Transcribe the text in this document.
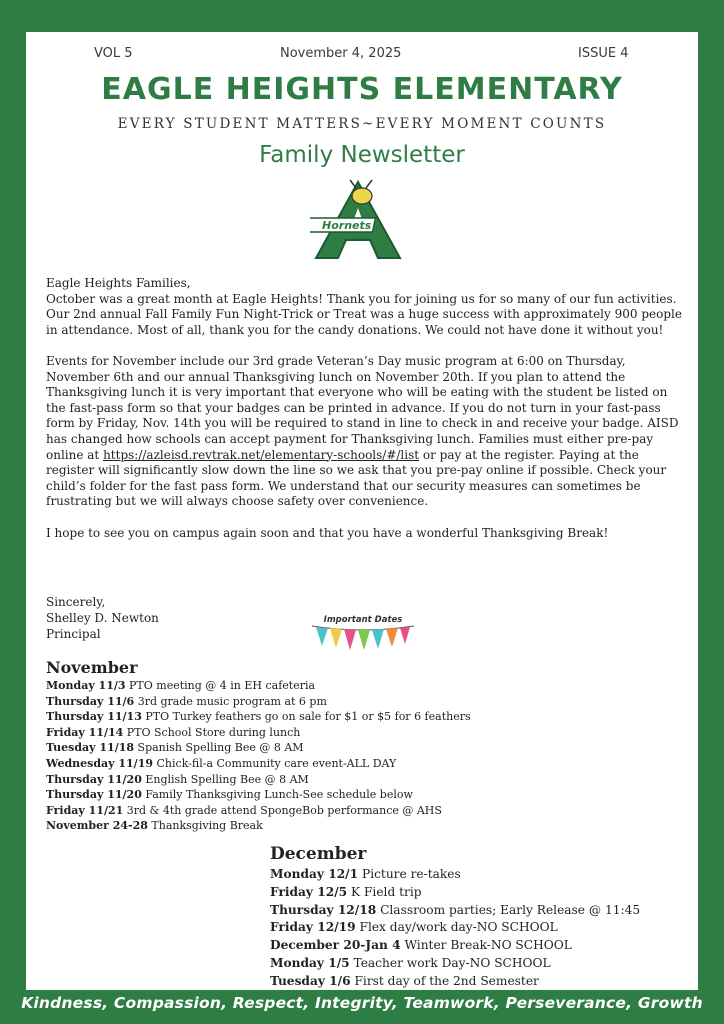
VOL 5	November 4, 2025	ISSUE 4
EAGLE HEIGHTS ELEMENTARY
EVERY STUDENT MATTERS~EVERY MOMENT COUNTS
Family Newsletter
Hornets
Eagle Heights Families,

October was a great month at Eagle Heights! Thank you for joining us for so many of our fun activities. Our 2nd annual Fall Family Fun Night-Trick or Treat was a huge success with approximately 900 people in attendance. Most of all, thank you for the candy donations. We could not have done it without you!

Events for November include our 3rd grade Veteran’s Day music program at 6:00 on Thursday, November 6th and our annual Thanksgiving lunch on November 20th. If you plan to attend the Thanksgiving lunch it is very important that everyone who will be eating with the student be listed on the fast-pass form so that your badges can be printed in advance. If you do not turn in your fast-pass form by Friday, Nov. 14th you will be required to stand in line to check in and receive your badge. AISD has changed how schools can accept payment for Thanksgiving lunch. Families must either pre-pay online at https://azleisd.revtrak.net/elementary-schools/#/list or pay at the register. Paying at the register will significantly slow down the line so we ask that you pre-pay online if possible. Check your child’s folder for the fast pass form. We understand that our security measures can sometimes be frustrating but we will always choose safety over convenience.

I hope to see you on campus again soon and that you have a wonderful Thanksgiving Break!

Sincerely,
Shelley D. Newton
Principal
Important Dates
November
Monday 11/3 PTO meeting @ 4 in EH cafeteria
Thursday 11/6 3rd grade music program at 6 pm
Thursday 11/13 PTO Turkey feathers go on sale for $1 or $5 for 6 feathers
Friday 11/14 PTO School Store during lunch
Tuesday 11/18 Spanish Spelling Bee @ 8 AM
Wednesday 11/19 Chick-fil-a Community care event-ALL DAY
Thursday 11/20 English Spelling Bee @ 8 AM
Thursday 11/20 Family Thanksgiving Lunch-See schedule below
Friday 11/21 3rd & 4th grade attend SpongeBob performance @ AHS
November 24-28 Thanksgiving Break
December
Monday 12/1 Picture re-takes
Friday 12/5 K Field trip
Thursday 12/18 Classroom parties; Early Release @ 11:45
Friday 12/19 Flex day/work day-NO SCHOOL
December 20-Jan 4 Winter Break-NO SCHOOL
Monday 1/5 Teacher work Day-NO SCHOOL
Tuesday 1/6 First day of the 2nd Semester
Kindness, Compassion, Respect, Integrity, Teamwork, Perseverance, Growth
